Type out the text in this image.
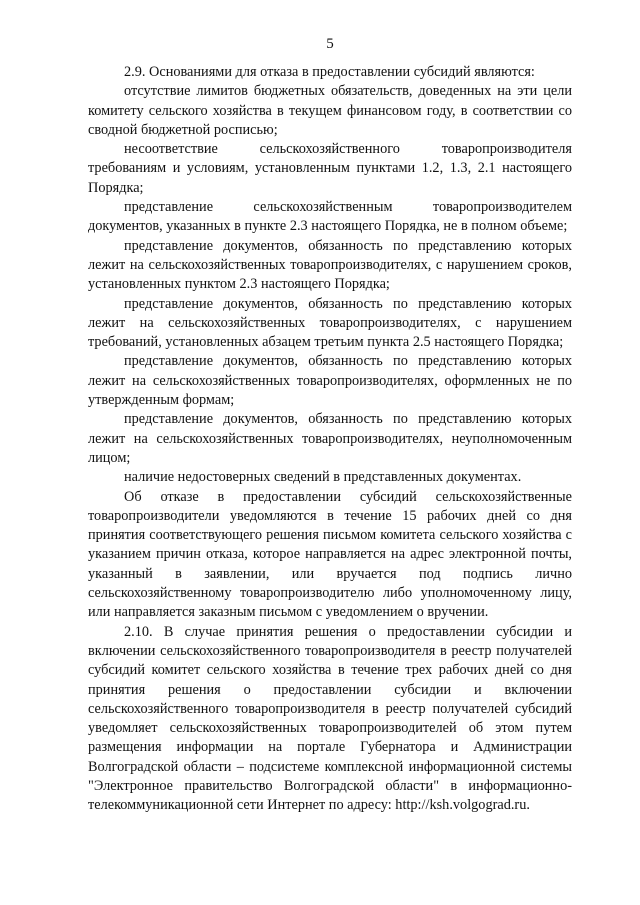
5

2.9. Основаниями для отказа в предоставлении субсидий являются:

отсутствие лимитов бюджетных обязательств, доведенных на эти цели комитету сельского хозяйства в текущем финансовом году, в соответствии со сводной бюджетной росписью;

несоответствие сельскохозяйственного товаропроизводителя требованиям и условиям, установленным пунктами 1.2, 1.3, 2.1 настоящего Порядка;

представление сельскохозяйственным товаропроизводителем документов, указанных в пункте 2.3 настоящего Порядка, не в полном объеме;

представление документов, обязанность по представлению которых лежит на сельскохозяйственных товаропроизводителях, с нарушением сроков, установленных пунктом 2.3 настоящего Порядка;

представление документов, обязанность по представлению которых лежит на сельскохозяйственных товаропроизводителях, с нарушением требований, установленных абзацем третьим пункта 2.5 настоящего Порядка;

представление документов, обязанность по представлению которых лежит на сельскохозяйственных товаропроизводителях, оформленных не по утвержденным формам;

представление документов, обязанность по представлению которых лежит на сельскохозяйственных товаропроизводителях, неуполномоченным лицом;

наличие недостоверных сведений в представленных документах.

Об отказе в предоставлении субсидий сельскохозяйственные товаропроизводители уведомляются в течение 15 рабочих дней со дня принятия соответствующего решения письмом комитета сельского хозяйства с указанием причин отказа, которое направляется на адрес электронной почты, указанный в заявлении, или вручается под подпись лично сельскохозяйственному товаропроизводителю либо уполномоченному лицу, или направляется заказным письмом с уведомлением о вручении.

2.10. В случае принятия решения о предоставлении субсидии и включении сельскохозяйственного товаропроизводителя в реестр получателей субсидий комитет сельского хозяйства в течение трех рабочих дней со дня принятия решения о предоставлении субсидии и включении сельскохозяйственного товаропроизводителя в реестр получателей субсидий уведомляет сельскохозяйственных товаропроизводителей об этом путем размещения информации на портале Губернатора и Администрации Волгоградской области – подсистеме комплексной информационной системы "Электронное правительство Волгоградской области" в информационно-телекоммуникационной сети Интернет по адресу: http://ksh.volgograd.ru.
